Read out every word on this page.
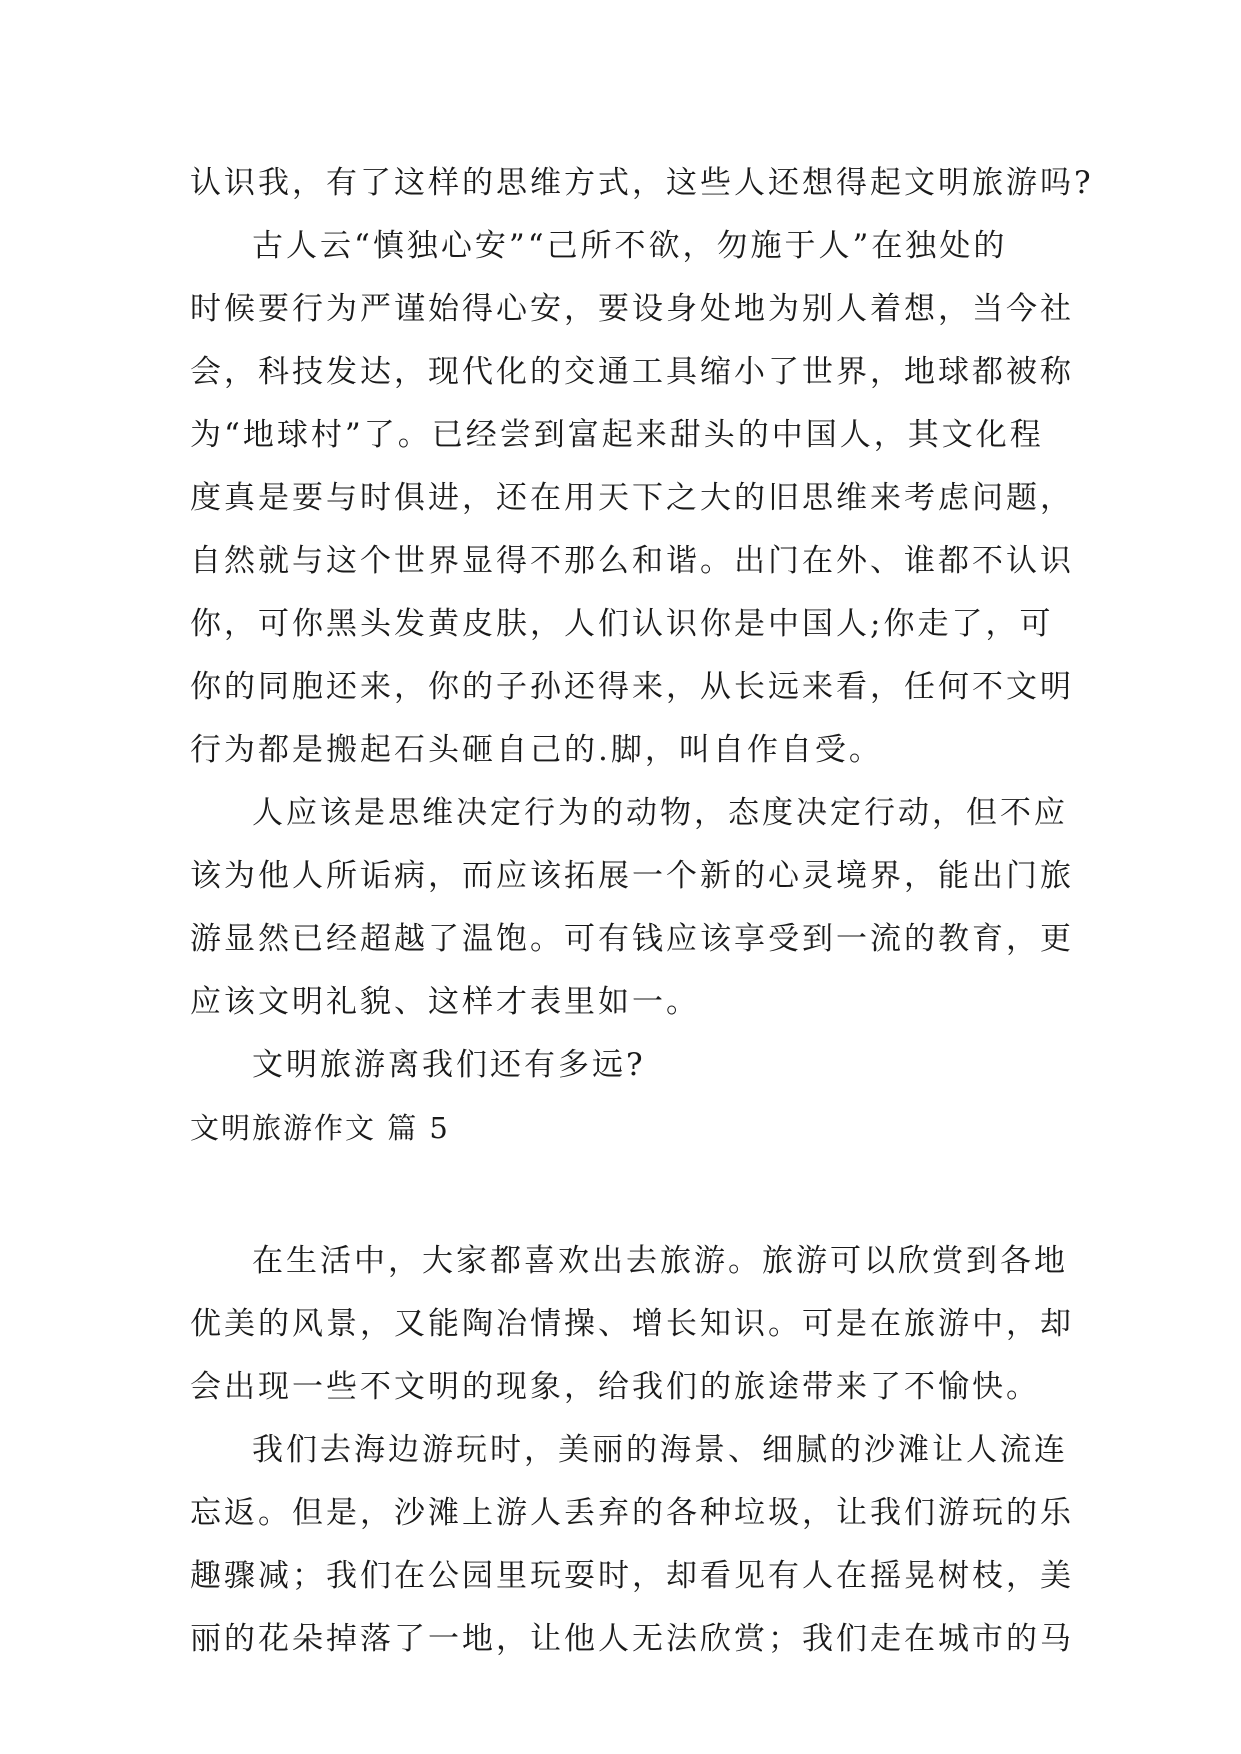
认识我，有了这样的思维方式，这些人还想得起文明旅游吗?
古人云“慎独心安”“己所不欲，勿施于人”在独处的
时候要行为严谨始得心安，要设身处地为别人着想，当今社
会，科技发达，现代化的交通工具缩小了世界，地球都被称
为“地球村”了。已经尝到富起来甜头的中国人，其文化程
度真是要与时俱进，还在用天下之大的旧思维来考虑问题，
自然就与这个世界显得不那么和谐。出门在外、谁都不认识
你，可你黑头发黄皮肤，人们认识你是中国人;你走了，可
你的同胞还来，你的子孙还得来，从长远来看，任何不文明
行为都是搬起石头砸自己的.脚，叫自作自受。
人应该是思维决定行为的动物，态度决定行动，但不应
该为他人所诟病，而应该拓展一个新的心灵境界，能出门旅
游显然已经超越了温饱。可有钱应该享受到一流的教育，更
应该文明礼貌、这样才表里如一。
文明旅游离我们还有多远?
文明旅游作文 篇 5
在生活中，大家都喜欢出去旅游。旅游可以欣赏到各地
优美的风景，又能陶冶情操、增长知识。可是在旅游中，却
会出现一些不文明的现象，给我们的旅途带来了不愉快。
我们去海边游玩时，美丽的海景、细腻的沙滩让人流连
忘返。但是，沙滩上游人丢弃的各种垃圾，让我们游玩的乐
趣骤减；我们在公园里玩耍时，却看见有人在摇晃树枝，美
丽的花朵掉落了一地，让他人无法欣赏；我们走在城市的马
